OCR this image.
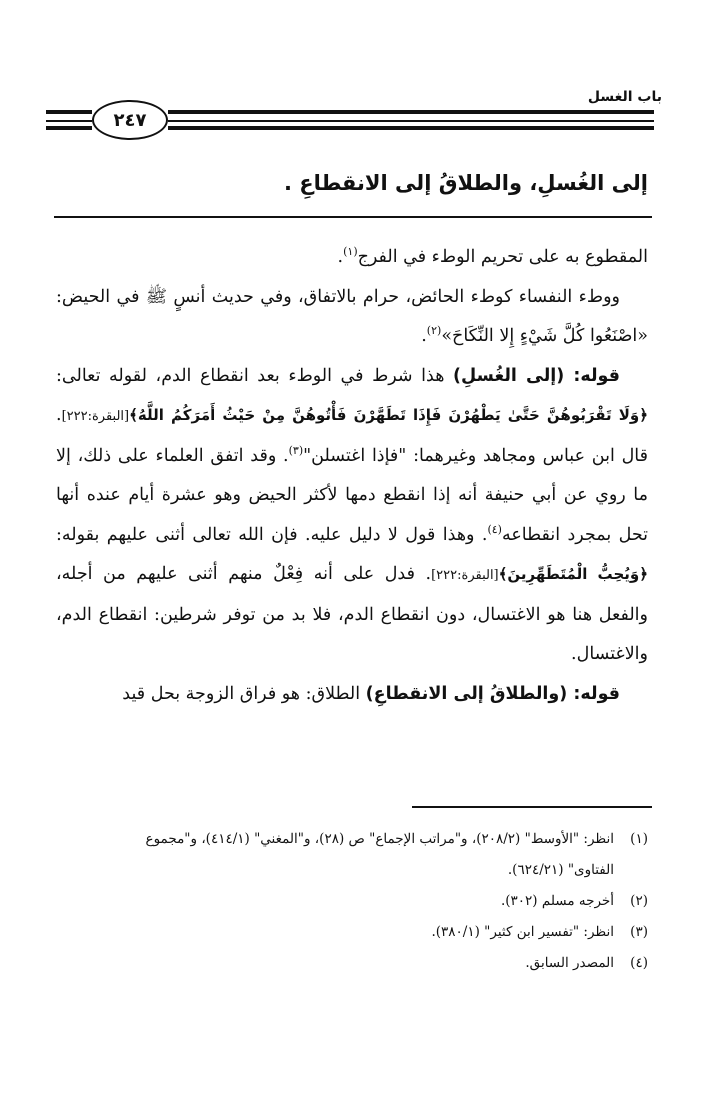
باب الغسل
٢٤٧
إلى الغُسلِ، والطلاقُ إلى الانقطاعِ .

المقطوع به على تحريم الوطء في الفرج$^{(١)}$.

ووطء النفساء كوطء الحائض، حرام بالاتفاق، وفي حديث أنسٍ ﷺ في الحيض: «اصْنَعُوا كُلَّ شَيْءٍ إِلا النِّكَاحَ»$^{(٢)}$.

قوله: (إلى الغُسلِ) هذا شرط في الوطء بعد انقطاع الدم، لقوله تعالى: ﴿وَلَا تَقْرَبُوهُنَّ حَتَّىٰ يَطْهُرْنَ فَإِذَا تَطَهَّرْنَ فَأْتُوهُنَّ مِنْ حَيْثُ أَمَرَكُمُ اللَّهُ﴾[البقرة:٢٢٢]. قال ابن عباس ومجاهد وغيرهما: "فإذا اغتسلن"$^{(٣)}$. وقد اتفق العلماء على ذلك، إلا ما روي عن أبي حنيفة أنه إذا انقطع دمها لأكثر الحيض وهو عشرة أيام عنده أنها تحل بمجرد انقطاعه$^{(٤)}$. وهذا قول لا دليل عليه. فإن الله تعالى أثنى عليهم بقوله: ﴿وَيُحِبُّ الْمُتَطَهِّرِينَ﴾[البقرة:٢٢٢]. فدل على أنه فِعْلٌ منهم أثنى عليهم من أجله، والفعل هنا هو الاغتسال، دون انقطاع الدم، فلا بد من توفر شرطين: انقطاع الدم، والاغتسال.

قوله: (والطلاقُ إلى الانقطاعِ) الطلاق: هو فراق الزوجة بحل قيد

(١)انظر: "الأوسط" (٢٠٨/٢)، و"مراتب الإجماع" ص (٢٨)، و"المغني" (٤١٤/١)، و"مجموع
الفتاوى" (٦٢٤/٢١).
(٢)أخرجه مسلم (٣٠٢).
(٣)انظر: "تفسير ابن كثير" (٣٨٠/١).
(٤)المصدر السابق.
